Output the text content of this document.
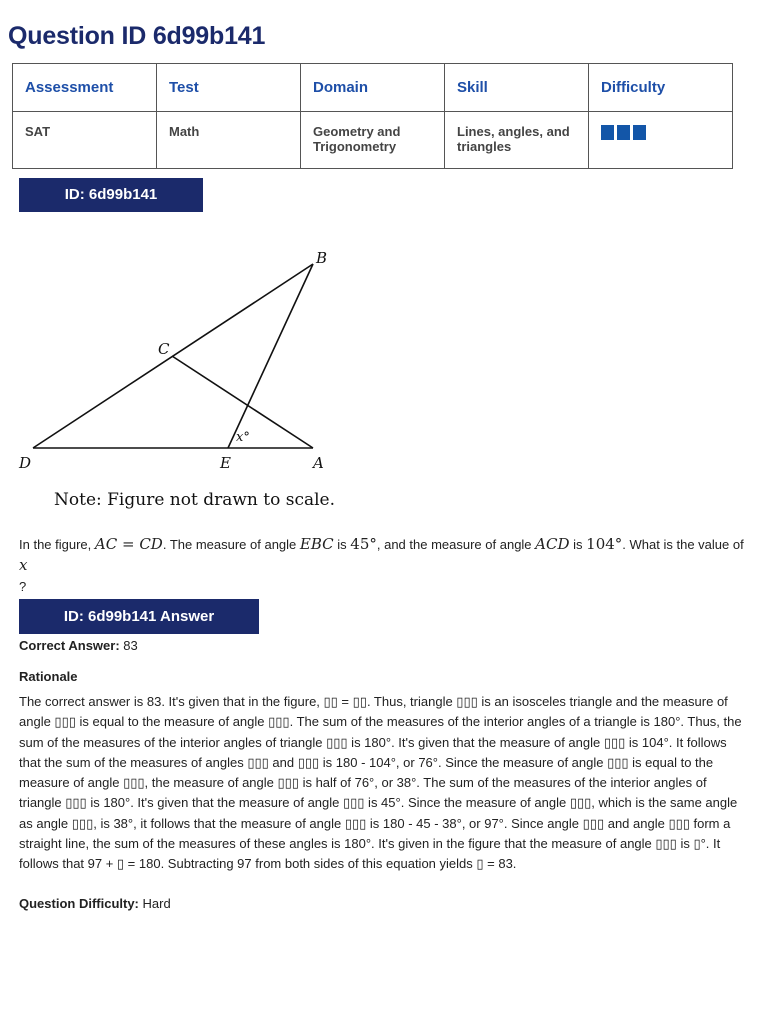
Question ID 6d99b141
Assessment	Test	Domain	Skill	Difficulty
SAT	Math	Geometry and Trigonometry	Lines, angles, and triangles	
ID: 6d99b141
B
C
D	E	A
x°
Note: Figure not drawn to scale.
In the figure, AC = CD. The measure of angle EBC is 45°, and the measure of angle ACD is 104°. What is the value of x
?
ID: 6d99b141 Answer
Correct Answer: 83
Rationale
The correct answer is 83. It's given that in the figure, ▯▯ = ▯▯. Thus, triangle ▯▯▯ is an isosceles triangle and the measure of angle ▯▯▯ is equal to the measure of angle ▯▯▯. The sum of the measures of the interior angles of a triangle is 180°. Thus, the sum of the measures of the interior angles of triangle ▯▯▯ is 180°. It's given that the measure of angle ▯▯▯ is 104°. It follows that the sum of the measures of angles ▯▯▯ and ▯▯▯ is 180 - 104°, or 76°. Since the measure of angle ▯▯▯ is equal to the measure of angle ▯▯▯, the measure of angle ▯▯▯ is half of 76°, or 38°. The sum of the measures of the interior angles of triangle ▯▯▯ is 180°. It's given that the measure of angle ▯▯▯ is 45°. Since the measure of angle ▯▯▯, which is the same angle as angle ▯▯▯, is 38°, it follows that the measure of angle ▯▯▯ is 180 - 45 - 38°, or 97°. Since angle ▯▯▯ and angle ▯▯▯ form a straight line, the sum of the measures of these angles is 180°. It's given in the figure that the measure of angle ▯▯▯ is ▯°. It follows that 97 + ▯ = 180. Subtracting 97 from both sides of this equation yields ▯ = 83.
Question Difficulty: Hard
